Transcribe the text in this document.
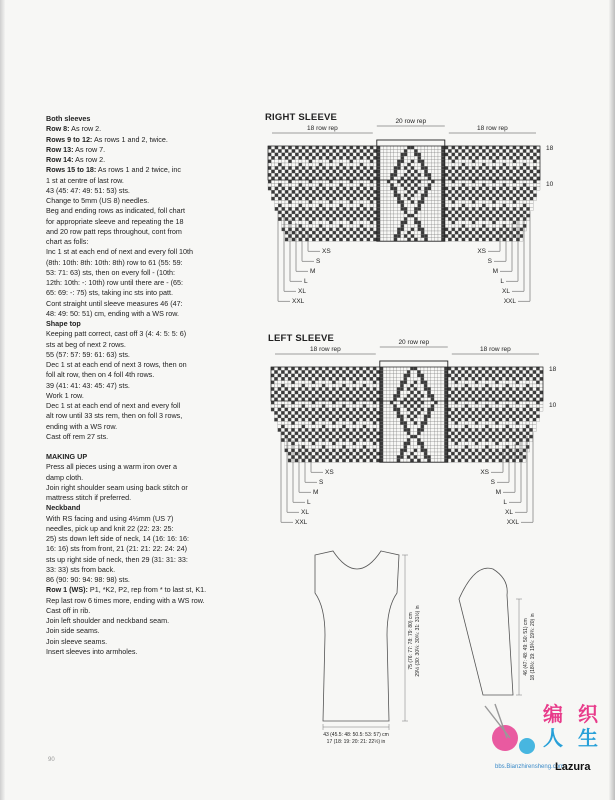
Both sleeves

Row 8: As row 2.

Rows 9 to 12: As rows 1 and 2, twice.

Row 13: As row 7.

Row 14: As row 2.

Rows 15 to 18: As rows 1 and 2 twice, inc

1 st at centre of last row.

43 (45: 47: 49: 51: 53) sts.

Change to 5mm (US 8) needles.

Beg and ending rows as indicated, foll chart

for appropriate sleeve and repeating the 18

and 20 row patt reps throughout, cont from

chart as folls:

Inc 1 st at each end of next and every foll 10th

(8th: 10th: 8th: 10th: 8th) row to 61 (55: 59:

53: 71: 63) sts, then on every foll - (10th:

12th: 10th: -: 10th) row until there are - (65:

65: 69: -: 75) sts, taking inc sts into patt.

Cont straight until sleeve measures 46 (47:

48: 49: 50: 51) cm, ending with a WS row.

Shape top

Keeping patt correct, cast off 3 (4: 4: 5: 5: 6)

sts at beg of next 2 rows.

55 (57: 57: 59: 61: 63) sts.

Dec 1 st at each end of next 3 rows, then on

foll alt row, then on 4 foll 4th rows.

39 (41: 41: 43: 45: 47) sts.

Work 1 row.

Dec 1 st at each end of next and every foll

alt row until 33 sts rem, then on foll 3 rows,

ending with a WS row.

Cast off rem 27 sts.

MAKING UP

Press all pieces using a warm iron over a

damp cloth.

Join right shoulder seam using back stitch or

mattress stitch if preferred.

Neckband

With RS facing and using 4½mm (US 7)

needles, pick up and knit 22 (22: 23: 25:

25) sts down left side of neck, 14 (16: 16: 16:

16: 16) sts from front, 21 (21: 21: 22: 24: 24)

sts up right side of neck, then 29 (31: 31: 33:

33: 33) sts from back.

86 (90: 90: 94: 98: 98) sts.

Row 1 (WS): P1, *K2, P2, rep from * to last st, K1.

Rep last row 6 times more, ending with a WS row.

Cast off in rib.

Join left shoulder and neckband seam.

Join side seams.

Join sleeve seams.

Insert sleeves into armholes.

RIGHT SLEEVE
18 row rep
20 row rep
18 row rep
18
10
XS	XS
S	S
M	M
L	L
XL	XL
XXL	XXL
LEFT SLEEVE
18 row rep
20 row rep
18 row rep
18
10
XS	XS
S	S
M	M
L	L
XL	XL
XXL	XXL
43 (45.5: 48: 50.5: 53: 57) cm
17 (18: 19: 20: 21: 22½) in
75 (76: 77: 78: 79: 80) cm 29½ (30: 30¼: 30¾: 31: 31½) in	46 (47: 48: 49: 50: 51) cm 18 (18½: 19: 19¼: 19¾: 20) in
90
编 织
人 生
bbs.Bianzhirensheng.com
Lazura
